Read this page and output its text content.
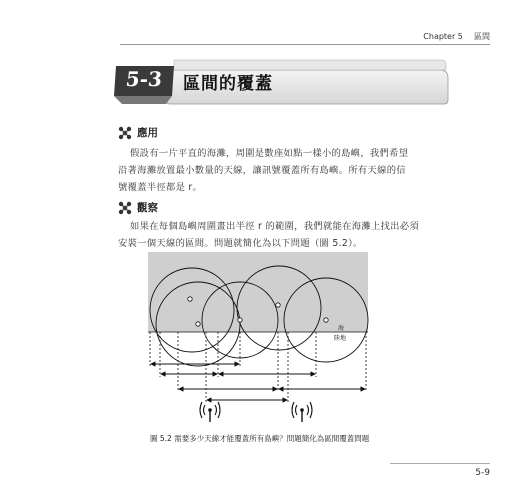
Chapter 5 區間
5-3	區間的覆蓋
應用
假設有一片平直的海灘，周圍是數座如點一樣小的島嶼，我們希望
沿著海灘放置最小數量的天線，讓訊號覆蓋所有島嶼。所有天線的信
號覆蓋半徑都是 r。
觀察
如果在每個島嶼周圍畫出半徑 r 的範圍，我們就能在海灘上找出必須
安裝一個天線的區間。問題就簡化為以下問題（圖 5.2）。
海
陸地
圖 5.2 需要多少天線才能覆蓋所有島嶼？問題簡化為區間覆蓋問題
5-9
